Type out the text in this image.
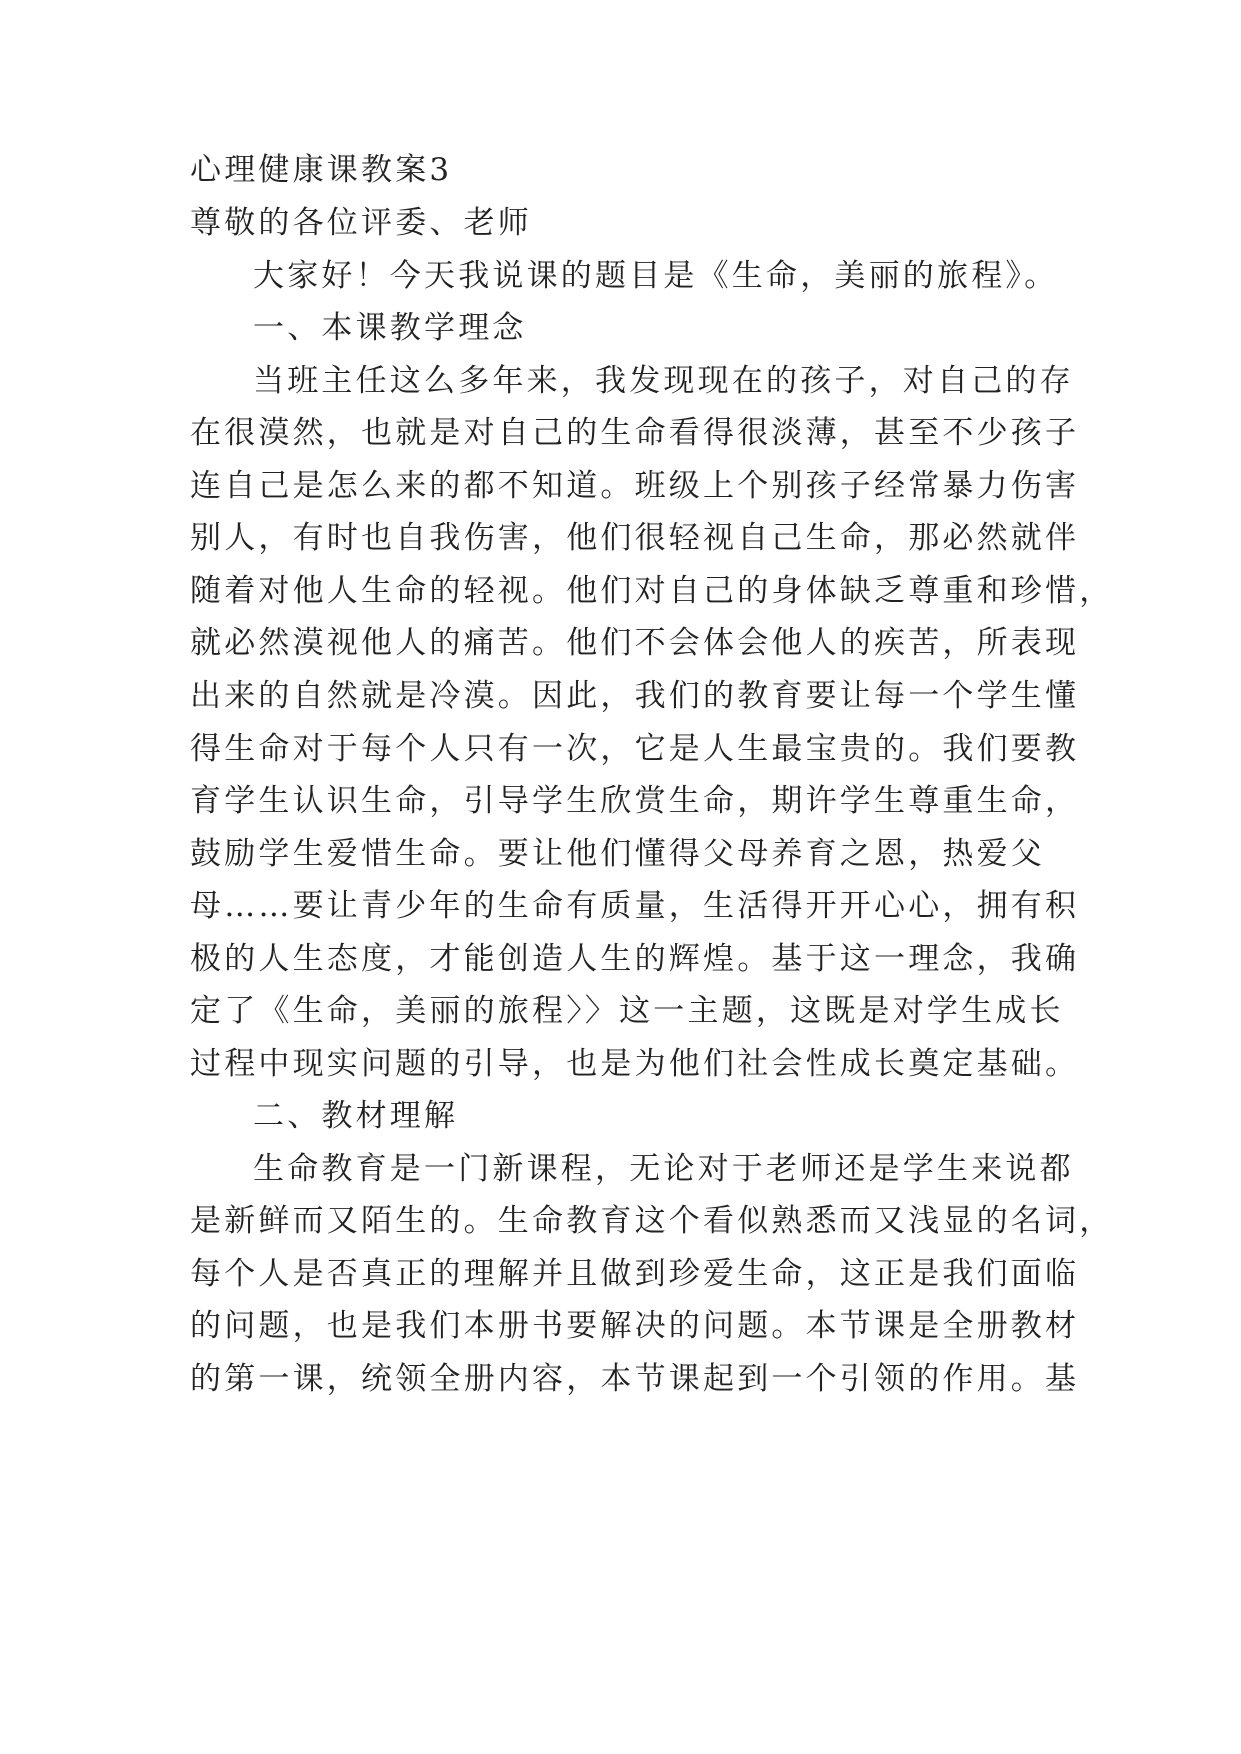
心理健康课教案3
尊敬的各位评委、老师
大家好！今天我说课的题目是《生命，美丽的旅程》。
一、本课教学理念
当班主任这么多年来，我发现现在的孩子，对自己的存
在很漠然，也就是对自己的生命看得很淡薄，甚至不少孩子
连自己是怎么来的都不知道。班级上个别孩子经常暴力伤害
别人，有时也自我伤害，他们很轻视自己生命，那必然就伴
随着对他人生命的轻视。他们对自己的身体缺乏尊重和珍惜，
就必然漠视他人的痛苦。他们不会体会他人的疾苦，所表现
出来的自然就是冷漠。因此，我们的教育要让每一个学生懂
得生命对于每个人只有一次，它是人生最宝贵的。我们要教
育学生认识生命，引导学生欣赏生命，期许学生尊重生命，
鼓励学生爱惜生命。要让他们懂得父母养育之恩，热爱父
母……要让青少年的生命有质量，生活得开开心心，拥有积
极的人生态度，才能创造人生的辉煌。基于这一理念，我确
定了《生命，美丽的旅程〉〉这一主题，这既是对学生成长
过程中现实问题的引导，也是为他们社会性成长奠定基础。
二、教材理解
生命教育是一门新课程，无论对于老师还是学生来说都
是新鲜而又陌生的。生命教育这个看似熟悉而又浅显的名词，
每个人是否真正的理解并且做到珍爱生命，这正是我们面临
的问题，也是我们本册书要解决的问题。本节课是全册教材
的第一课，统领全册内容，本节课起到一个引领的作用。基
